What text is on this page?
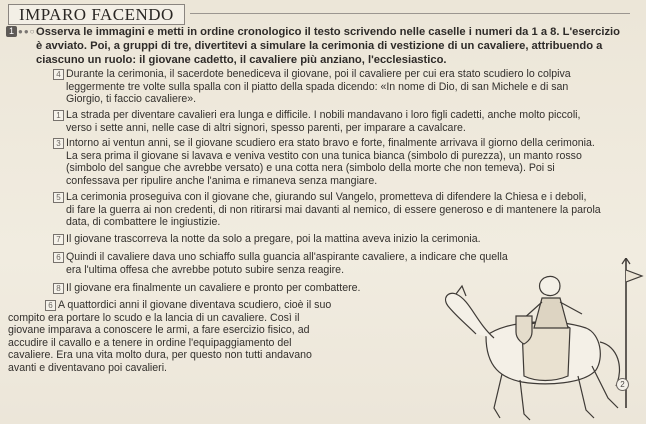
IMPARO FACENDO
1 ●●○ Osserva le immagini e metti in ordine cronologico il testo scrivendo nelle caselle i numeri da 1 a 8. L'esercizio
è avviato. Poi, a gruppi di tre, divertitevi a simulare la cerimonia di vestizione di un cavaliere, attribuendo a
ciascuno un ruolo: il giovane cadetto, il cavaliere più anziano, l'ecclesiastico.
4 Durante la cerimonia, il sacerdote benediceva il giovane, poi il cavaliere per cui era stato scudiero lo colpiva
leggermente tre volte sulla spalla con il piatto della spada dicendo: «In nome di Dio, di san Michele e di san
Giorgio, ti faccio cavaliere».
1 La strada per diventare cavalieri era lunga e difficile. I nobili mandavano i loro figli cadetti, anche molto piccoli,
verso i sette anni, nelle case di altri signori, spesso parenti, per imparare a cavalcare.
3 Intorno ai ventun anni, se il giovane scudiero era stato bravo e forte, finalmente arrivava il giorno della cerimonia.
La sera prima il giovane si lavava e veniva vestito con una tunica bianca (simbolo di purezza), un manto rosso
(simbolo del sangue che avrebbe versato) e una cotta nera (simbolo della morte che non temeva). Poi si
confessava per ripulire anche l'anima e rimaneva senza mangiare.
5 La cerimonia proseguiva con il giovane che, giurando sul Vangelo, prometteva di difendere la Chiesa e i deboli,
di fare la guerra ai non credenti, di non ritirarsi mai davanti al nemico, di essere generoso e di mantenere la parola
data, di combattere le ingiustizie.
7 Il giovane trascorreva la notte da solo a pregare, poi la mattina aveva inizio la cerimonia.
6 Quindi il cavaliere dava uno schiaffo sulla guancia all'aspirante cavaliere, a indicare che quella
era l'ultima offesa che avrebbe potuto subire senza reagire.
8 Il giovane era finalmente un cavaliere e pronto per combattere.
6 A quattordici anni il giovane diventava scudiero, cioè il suo
compito era portare lo scudo e la lancia di un cavaliere. Così il
giovane imparava a conoscere le armi, a fare esercizio fisico, ad
accudire il cavallo e a tenere in ordine l'equipaggiamento del
cavaliere. Era una vita molto dura, per questo non tutti andavano
avanti e diventavano poi cavalieri.
2
